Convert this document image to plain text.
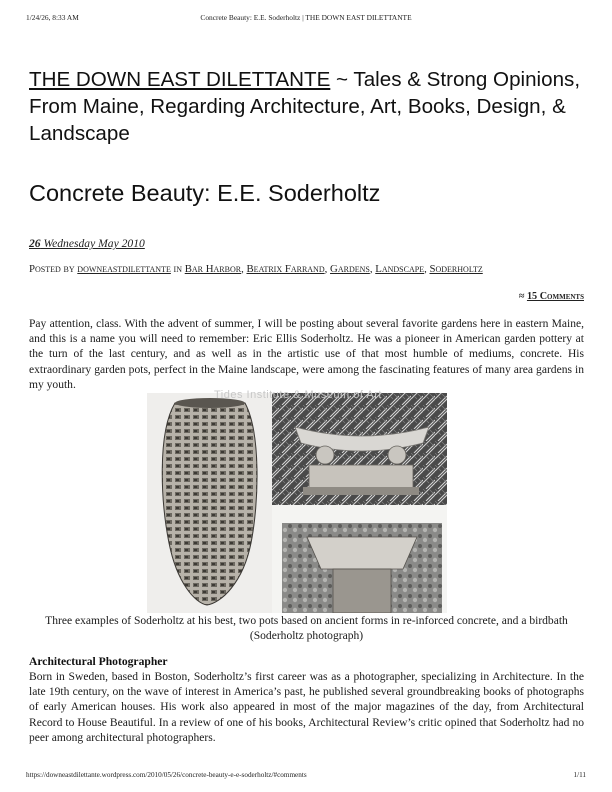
1/24/26, 8:33 AM	Concrete Beauty: E.E. Soderholtz | THE DOWN EAST DILETTANTE
THE DOWN EAST DILETTANTE ~ Tales & Strong Opinions, From Maine, Regarding Architecture, Art, Books, Design, & Landscape
Concrete Beauty: E.E. Soderholtz
26 Wednesday May 2010
Posted by downeastdilettante in Bar Harbor, Beatrix Farrand, Gardens, Landscape, Soderholtz
≈ 15 Comments
Pay attention, class. With the advent of summer, I will be posting about several favorite gardens here in eastern Maine, and this is a name you will need to remember: Eric Ellis Soderholtz. He was a pioneer in American garden pottery at the turn of the last century, and as well as in the artistic use of that most humble of mediums, concrete. His extraordinary garden pots, perfect in the Maine landscape, were among the fascinating features of many area gardens in my youth.
Tides Institute & Museum of Art
Three examples of Soderholtz at his best, two pots based on ancient forms in re-inforced concrete, and a birdbath (Soderholtz photograph)
Architectural Photographer
Born in Sweden, based in Boston, Soderholtz’s first career was as a photographer, specializing in Architecture. In the late 19th century, on the wave of interest in America’s past, he published several groundbreaking books of photographs of early American houses. His work also appeared in most of the major magazines of the day, from Architectural Record to House Beautiful. In a review of one of his books, Architectural Review’s critic opined that Soderholtz had no peer among architectural photographers.
https://downeastdilettante.wordpress.com/2010/05/26/concrete-beauty-e-e-soderholtz/#comments	1/11
